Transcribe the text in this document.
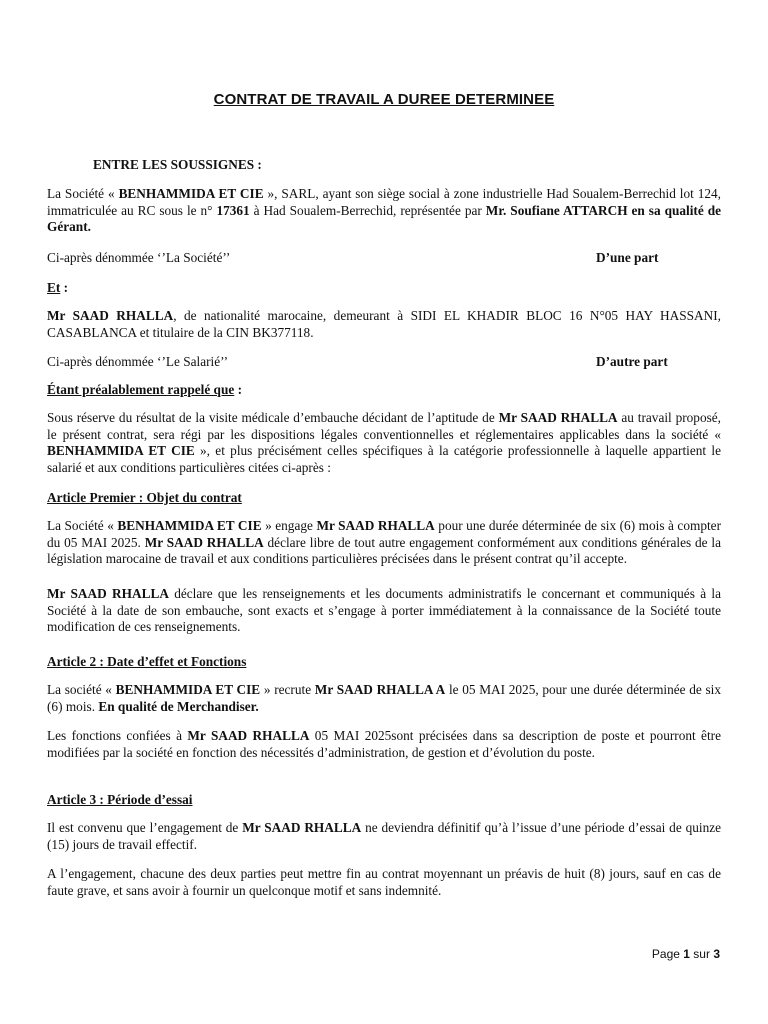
CONTRAT DE TRAVAIL A DUREE DETERMINEE
ENTRE LES SOUSSIGNES :
La Société « BENHAMMIDA ET CIE », SARL, ayant son siège social à zone industrielle Had Soualem-Berrechid lot 124, immatriculée au RC sous le n° 17361 à Had Soualem-Berrechid, représentée par Mr. Soufiane ATTARCH en sa qualité de Gérant.
Ci-après dénommée ‘’La Société’’	D’une part
Et :
Mr SAAD RHALLA, de nationalité marocaine, demeurant à SIDI EL KHADIR BLOC 16 N°05 HAY HASSANI, CASABLANCA et titulaire de la CIN BK377118.
Ci-après dénommée ‘’Le Salarié’’	D’autre part
Étant préalablement rappelé que :
Sous réserve du résultat de la visite médicale d’embauche décidant de l’aptitude de Mr SAAD RHALLA au travail proposé, le présent contrat, sera régi par les dispositions légales conventionnelles et réglementaires applicables dans la société « BENHAMMIDA ET CIE », et plus précisément celles spécifiques à la catégorie professionnelle à laquelle appartient le salarié et aux conditions particulières citées ci-après :
Article Premier : Objet du contrat
La Société « BENHAMMIDA ET CIE » engage Mr SAAD RHALLA pour une durée déterminée de six (6) mois à compter du 05 MAI 2025. Mr SAAD RHALLA déclare libre de tout autre engagement conformément aux conditions générales de la législation marocaine de travail et aux conditions particulières précisées dans le présent contrat qu’il accepte.
Mr SAAD RHALLA déclare que les renseignements et les documents administratifs le concernant et communiqués à la Société à la date de son embauche, sont exacts et s’engage à porter immédiatement à la connaissance de la Société toute modification de ces renseignements.
Article 2 : Date d’effet et Fonctions
La société « BENHAMMIDA ET CIE » recrute Mr SAAD RHALLA A le 05 MAI 2025, pour une durée déterminée de six (6) mois. En qualité de Merchandiser.
Les fonctions confiées à Mr SAAD RHALLA 05 MAI 2025sont précisées dans sa description de poste et pourront être modifiées par la société en fonction des nécessités d’administration, de gestion et d’évolution du poste.
Article 3 : Période d’essai
Il est convenu que l’engagement de Mr SAAD RHALLA ne deviendra définitif qu’à l’issue d’une période d’essai de quinze (15) jours de travail effectif.
A l’engagement, chacune des deux parties peut mettre fin au contrat moyennant un préavis de huit (8) jours, sauf en cas de faute grave, et sans avoir à fournir un quelconque motif et sans indemnité.
Page 1 sur 3
